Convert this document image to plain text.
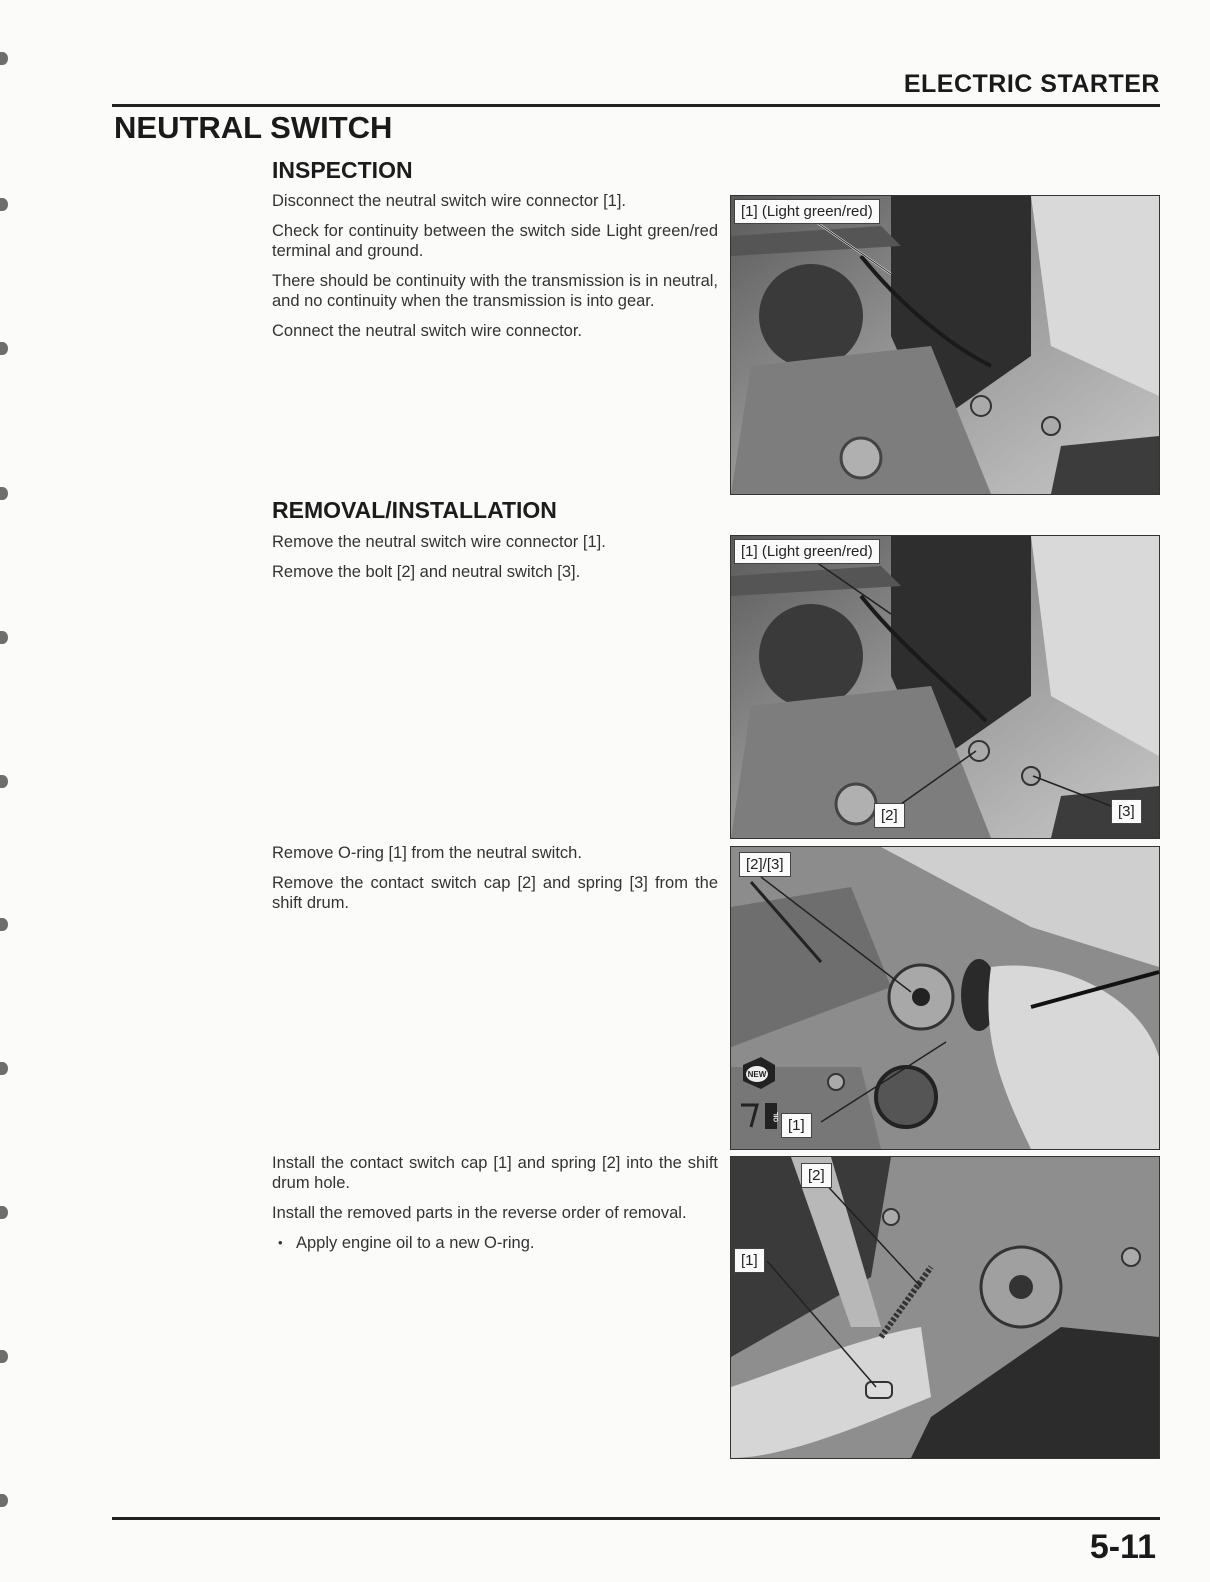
ELECTRIC STARTER
NEUTRAL SWITCH
INSPECTION

Disconnect the neutral switch wire connector [1].

Check for continuity between the switch side Light green/red terminal and ground.

There should be continuity with the transmission is in neutral, and no continuity when the transmission is into gear.

Connect the neutral switch wire connector.

[1] (Light green/red)
REMOVAL/INSTALLATION

Remove the neutral switch wire connector [1].

Remove the bolt [2] and neutral switch [3].

[1] (Light green/red)
[2]	[3]

Remove O-ring [1] from the neutral switch.

Remove the contact switch cap [2] and spring [3] from the shift drum.

[2]/[3]
[1]
NEW
OIL

Install the contact switch cap [1] and spring [2] into the shift drum hole.

Install the removed parts in the reverse order of removal.

• Apply engine oil to a new O-ring.
[2]
[1]
5-11
